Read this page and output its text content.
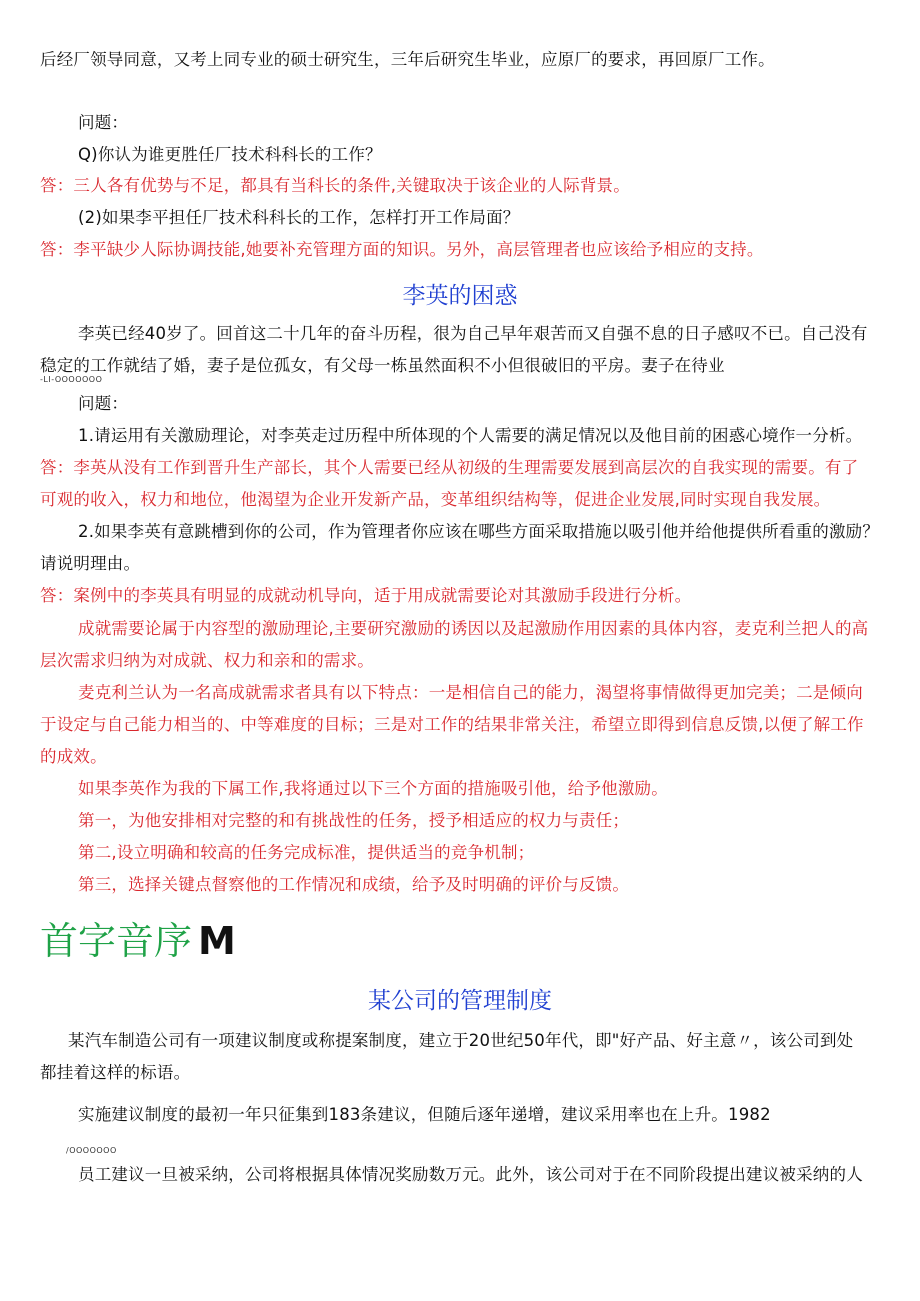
后经厂领导同意，又考上同专业的硕士研究生，三年后研究生毕业，应原厂的要求，再回原厂工作。
问题：
Q)你认为谁更胜任厂技术科科长的工作？
答：三人各有优势与不足，都具有当科长的条件,关键取决于该企业的人际背景。
(2)如果李平担任厂技术科科长的工作，怎样打开工作局面？
答：李平缺少人际协调技能,她要补充管理方面的知识。另外，高层管理者也应该给予相应的支持。
李英的困惑
李英已经40岁了。回首这二十几年的奋斗历程，很为自己早年艰苦而又自强不息的日子感叹不已。自己没有
稳定的工作就结了婚，妻子是位孤女，有父母一栋虽然面积不小但很破旧的平房。妻子在待业
-LI-OOOOOOO
问题：
1.请运用有关激励理论，对李英走过历程中所体现的个人需要的满足情况以及他目前的困惑心境作一分析。
答：李英从没有工作到晋升生产部长，其个人需要已经从初级的生理需要发展到高层次的自我实现的需要。有了
可观的收入，权力和地位，他渴望为企业开发新产品，变革组织结构等，促进企业发展,同时实现自我发展。
2.如果李英有意跳槽到你的公司，作为管理者你应该在哪些方面采取措施以吸引他并给他提供所看重的激励？
请说明理由。
答：案例中的李英具有明显的成就动机导向，适于用成就需要论对其激励手段进行分析。
成就需要论属于内容型的激励理论,主要研究激励的诱因以及起激励作用因素的具体内容，麦克利兰把人的高
层次需求归纳为对成就、权力和亲和的需求。
麦克利兰认为一名高成就需求者具有以下特点：一是相信自己的能力，渴望将事情做得更加完美；二是倾向
于设定与自己能力相当的、中等难度的目标；三是对工作的结果非常关注，希望立即得到信息反馈,以便了解工作
的成效。
如果李英作为我的下属工作,我将通过以下三个方面的措施吸引他，给予他激励。
第一，为他安排相对完整的和有挑战性的任务，授予相适应的权力与责任；
第二,设立明确和较高的任务完成标准，提供适当的竞争机制；
第三，选择关键点督察他的工作情况和成绩，给予及时明确的评价与反馈。
首字音序 M
某公司的管理制度
某汽车制造公司有一项建议制度或称提案制度，建立于20世纪50年代，即"好产品、好主意〃，该公司到处
都挂着这样的标语。
实施建议制度的最初一年只征集到183条建议，但随后逐年递增，建议采用率也在上升。1982
/OOOOOOO
员工建议一旦被采纳，公司将根据具体情况奖励数万元。此外，该公司对于在不同阶段提出建议被采纳的人
